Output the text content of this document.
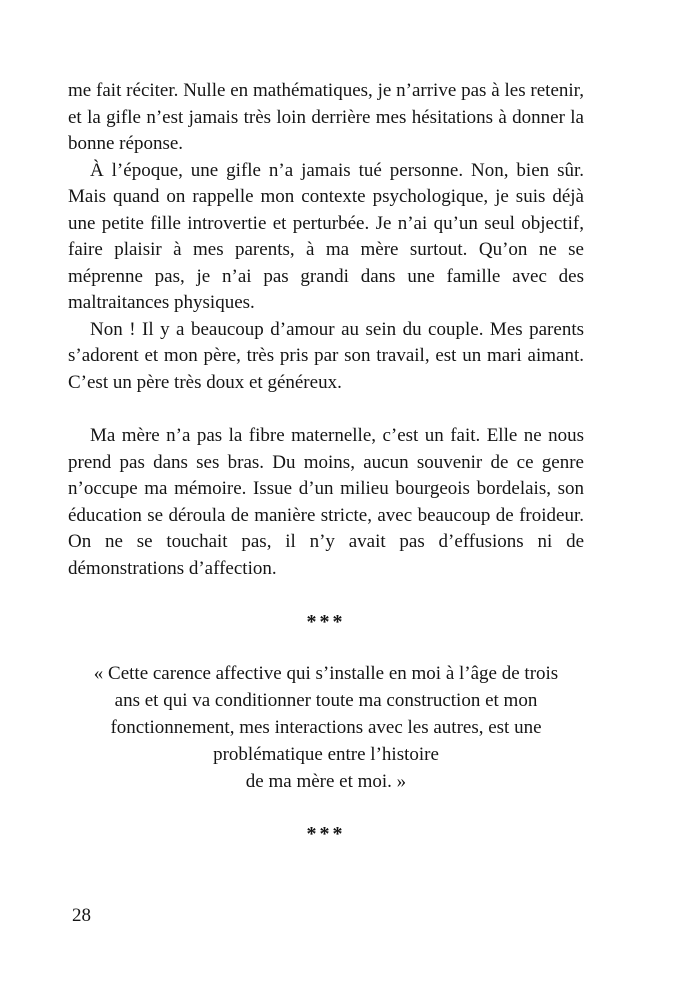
me fait réciter. Nulle en mathématiques, je n’arrive pas à les retenir, et la gifle n’est jamais très loin derrière mes hésitations à donner la bonne réponse.

À l’époque, une gifle n’a jamais tué personne. Non, bien sûr. Mais quand on rappelle mon contexte psychologique, je suis déjà une petite fille introvertie et perturbée. Je n’ai qu’un seul objectif, faire plaisir à mes parents, à ma mère surtout. Qu’on ne se méprenne pas, je n’ai pas grandi dans une famille avec des maltraitances physiques.

Non ! Il y a beaucoup d’amour au sein du couple. Mes parents s’adorent et mon père, très pris par son travail, est un mari aimant. C’est un père très doux et généreux.

Ma mère n’a pas la fibre maternelle, c’est un fait. Elle ne nous prend pas dans ses bras. Du moins, aucun souvenir de ce genre n’occupe ma mémoire. Issue d’un milieu bourgeois bordelais, son éducation se déroula de manière stricte, avec beaucoup de froideur. On ne se touchait pas, il n’y avait pas d’effusions ni de démonstrations d’affection.

***
« Cette carence affective qui s’installe en moi à l’âge de trois
ans et qui va conditionner toute ma construction et mon
fonctionnement, mes interactions avec les autres, est une
problématique entre l’histoire
de ma mère et moi. »
***
28
